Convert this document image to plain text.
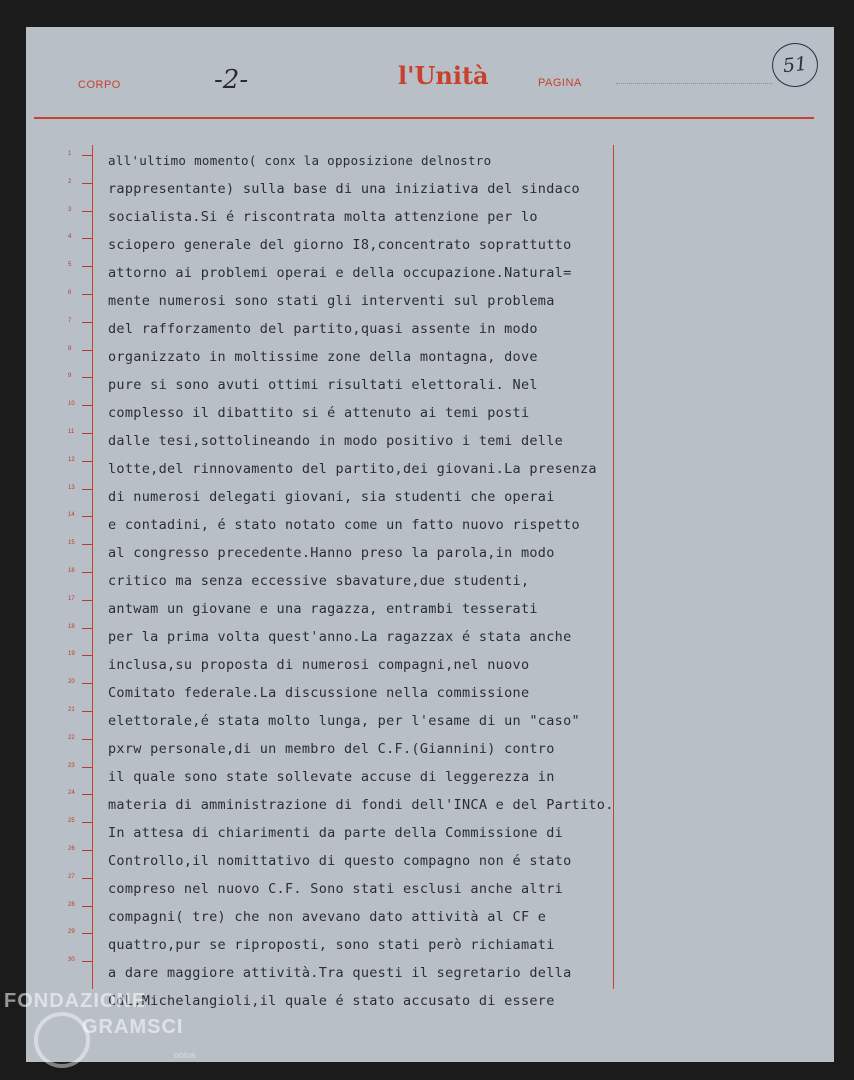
CORPO	-2-	l'Unità	PAGINA
51
1
2
3
4
5
6
7
8
9
10
11
12
13
14
15
16
17
18
19
20
21
22
23
24
25
26
27
28
29
30
all'ultimo momento( conx la opposizione delnostro
rappresentante) sulla base di una iniziativa del sindaco
socialista.Si é riscontrata molta attenzione per lo
sciopero generale del giorno I8,concentrato soprattutto
attorno ai problemi operai e della occupazione.Natural=
mente numerosi sono stati gli interventi sul problema
del rafforzamento del partito,quasi assente in modo
organizzato in moltissime zone della montagna, dove
pure si sono avuti ottimi risultati elettorali. Nel
complesso il dibattito si é attenuto ai temi posti
dalle tesi,sottolineando in modo positivo i temi delle
lotte,del rinnovamento del partito,dei giovani.La presenza
di numerosi delegati giovani, sia studenti che operai
e contadini, é stato notato come un fatto nuovo rispetto
al congresso precedente.Hanno preso la parola,in modo
critico ma senza eccessive sbavature,due studenti,
antwam un giovane e una ragazza, entrambi tesserati
per la prima volta quest'anno.La ragazzax é stata anche
inclusa,su proposta di numerosi compagni,nel nuovo
Comitato federale.La discussione nella commissione
elettorale,é stata molto lunga, per l'esame di un "caso"
pxrw personale,di un membro del C.F.(Giannini) contro
il quale sono state sollevate accuse di leggerezza in
materia di amministrazione di fondi dell'INCA e del Partito.
In attesa di chiarimenti da parte della Commissione di
Controllo,il nomittativo di questo compagno non é stato
compreso nel nuovo C.F. Sono stati esclusi anche altri
compagni( tre) che non avevano dato attività al CF e
quattro,pur se riproposti, sono stati però richiamati
a dare maggiore attività.Tra questi il segretario della
CdL,Michelangioli,il quale é stato accusato di essere
FONDAZIONE
GRAMSCI
onlus
